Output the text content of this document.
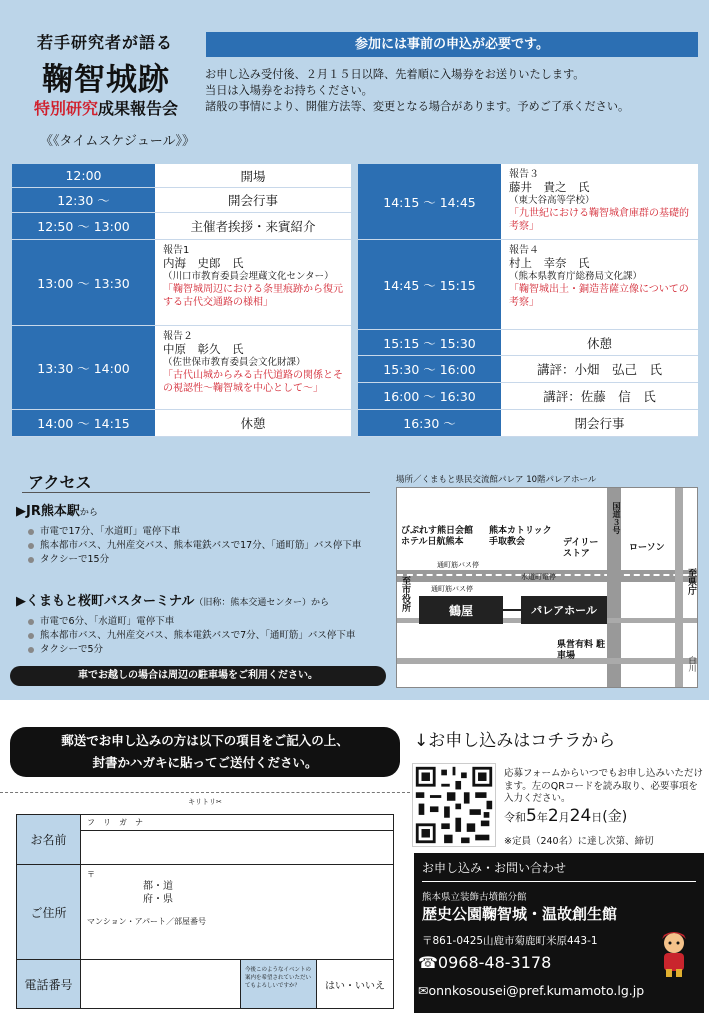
若手研究者が語る
鞠智城跡
特別研究成果報告会
参加には事前の申込が必要です。
お申し込み受付後、２月１５日以降、先着順に入場券をお送りいたします。
当日は入場券をお持ちください。
諸般の事情により、開催方法等、変更となる場合があります。予めご了承ください。
《《タイムスケジュール》》
12:00	開場
12:30 ～	開会行事
12:50 ～ 13:00	主催者挨拶・来賓紹介
13:00 ～ 13:30
報告1
内海　史郎　氏
（川口市教育委員会埋蔵文化センター）
「鞠智城周辺における条里痕跡から復元する古代交通路の様相」
13:30 ～ 14:00
報告２
中原　彰久　氏
（佐世保市教育委員会文化財課）
「古代山城からみる古代道路の関係とその視認性～鞠智城を中心として～」
14:00 ～ 14:15	休憩
14:15 ～ 14:45
報告３
藤井　貴之　氏
（東大谷高等学校）
「九世紀における鞠智城倉庫群の基礎的考察」
14:45 ～ 15:15
報告４
村上　幸奈　氏
（熊本県教育庁総務局文化課）
「鞠智城出土・銅造菩薩立像についての考察」
15:15 ～ 15:30	休憩
15:30 ～ 16:00	講評：小畑　弘己　氏
16:00 ～ 16:30	講評：佐藤　信　氏
16:30 ～	閉会行事
アクセス
▶JR熊本駅から
市電で17分、「水道町」電停下車
熊本都市バス、九州産交バス、熊本電鉄バスで17分、「通町筋」バス停下車
タクシーで15分
▶くまもと桜町バスターミナル（旧称：熊本交通センター）から
市電で6分、「水道町」電停下車
熊本都市バス、九州産交バス、熊本電鉄バスで7分、「通町筋」バス停下車
タクシーで5分
車でお越しの場合は周辺の駐車場をご利用ください。
場所／くまもと県民交流館パレア 10階パレアホール
びぷれす熊日会館 ホテル日航熊本
熊本カトリック 手取教会	デイリー ストア
ローソン
国道３号
通町筋バス停
水道町電停
通町筋バス停
至市役所	至県庁
鶴屋	パレアホール
県営有料 駐車場	白川
郵送でお申し込みの方は以下の項目をご記入の上、
封書かハガキに貼ってご送付ください。
キリトリ✂
お名前
フ　リ　ガ　ナ
ご住所
〒
都・道
府・県
マンション・アパート／部屋番号
電話番号
今後このようなイベントの案内を希望されていただいてもよろしいですか？	はい・いいえ
↓お申し込みはコチラから
応募フォームからいつでもお申し込みいただけます。左のQRコードを読み取り、必要事項を入力ください。
令和5年2月24日(金)
※定員（240名）に達し次第、締切
お申し込み・お問い合わせ
熊本県立装飾古墳館分館
歴史公園鞠智城・温故創生館
〒861-0425山鹿市菊鹿町米原443-1
☎0968-48-3178
✉onnkosousei@pref.kumamoto.lg.jp
